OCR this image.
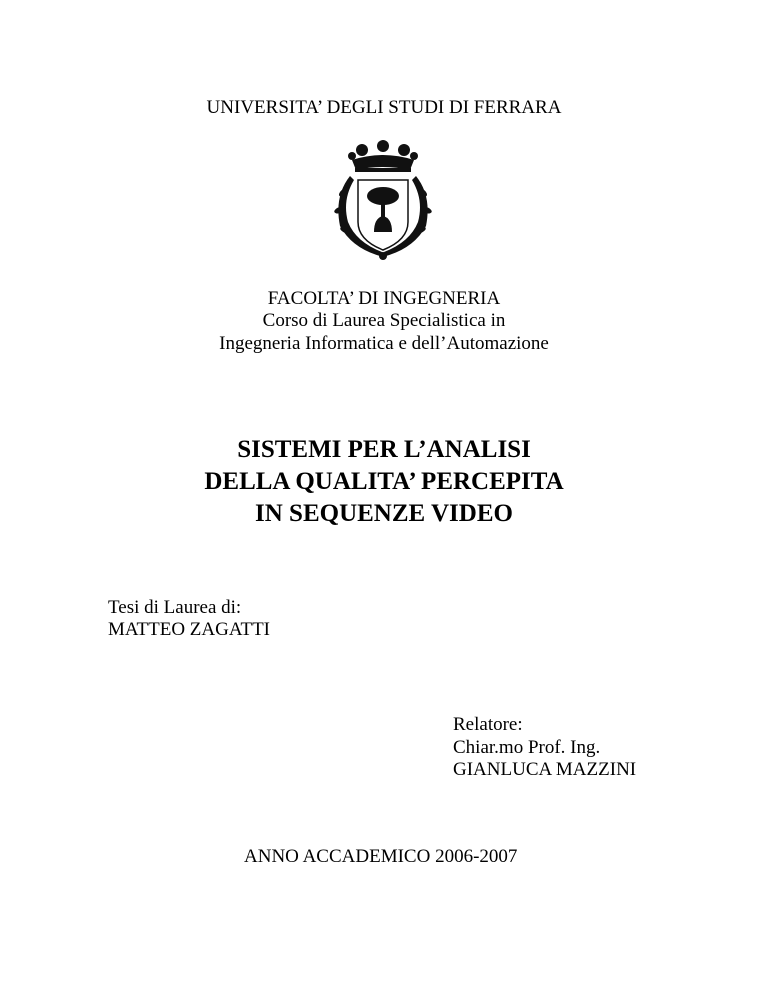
UNIVERSITA’ DEGLI STUDI DI FERRARA
FACOLTA’ DI INGEGNERIA
Corso di Laurea Specialistica in
Ingegneria Informatica e dell’Automazione
SISTEMI PER L’ANALISI
DELLA QUALITA’ PERCEPITA
IN SEQUENZE VIDEO
Tesi di Laurea di:
MATTEO ZAGATTI
Relatore:
Chiar.mo Prof. Ing.
GIANLUCA MAZZINI
ANNO ACCADEMICO 2006-2007
